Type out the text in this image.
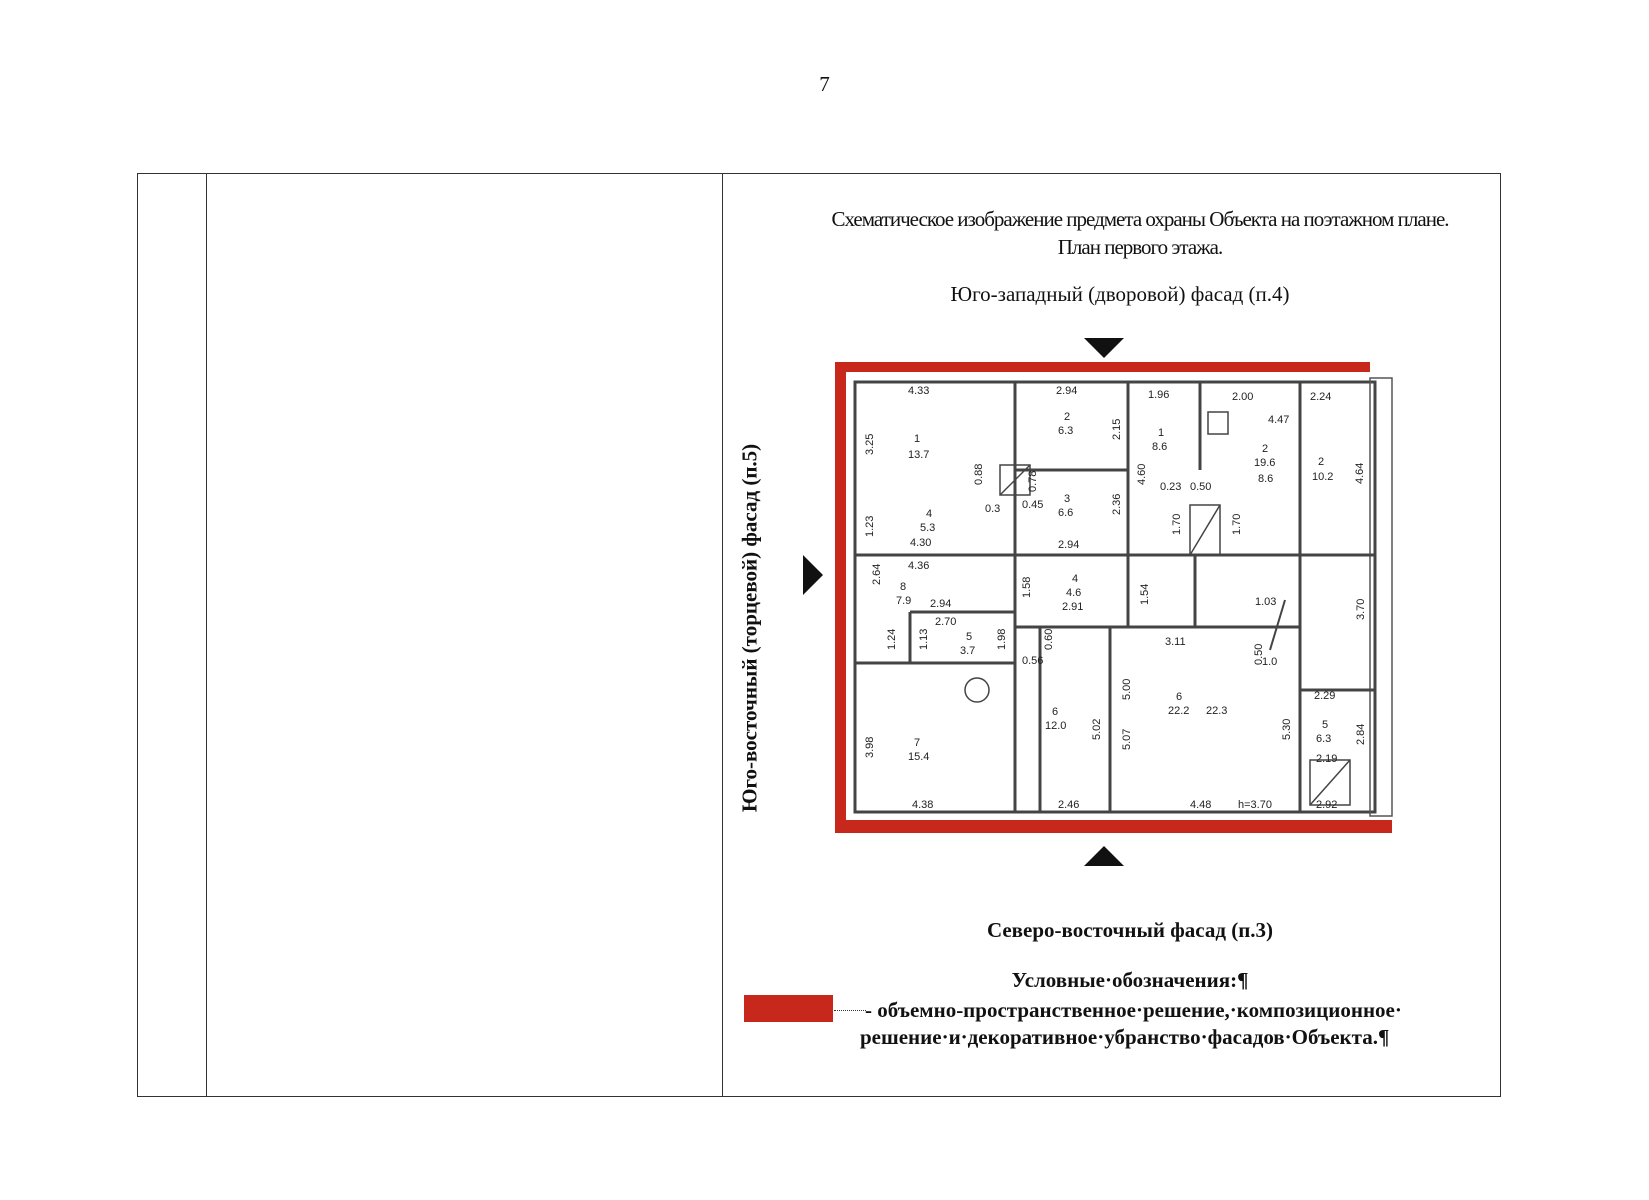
7
Схематическое изображение предмета охраны Объекта на поэтажном плане. План первого этажа.
Юго-западный (дворовой) фасад (п.4)
Юго-восточный (торцевой) фасад (п.5)
Северо-восточный фасад (п.3)
4.33
1
13.7
3.25
4
5.3
4.30
1.23
0.88
0.3
2.94
2
6.3	2.15
0.78
0.45 3
6.6	2.36
2.94
1.96
1
8.6
4.60
0.23 0.50
1.70	1.70
2.00
4.47
2
19.6
8.6
2.24
2
10.2 4.64
4.36
2.64
8
7.9 2.94
1.24 1.13
2.70
5
3.7
1.98
1.58	4
4.6
2.91
0.60
0.56
1.54
3.11
1.03
0.50
1.0
7
15.4
3.98
4.38
6
12.0 5.02
2.46
6
22.2 22.3
5.00
5.07	5.30
4.48 h=3.70
2.29
5
6.3 2.84
2.19
2.92
3.70
Условные·обозначения:¶
- объемно-пространственное·решение,·композиционное·
решение·и·декоративное·убранство·фасадов·Объекта.¶
